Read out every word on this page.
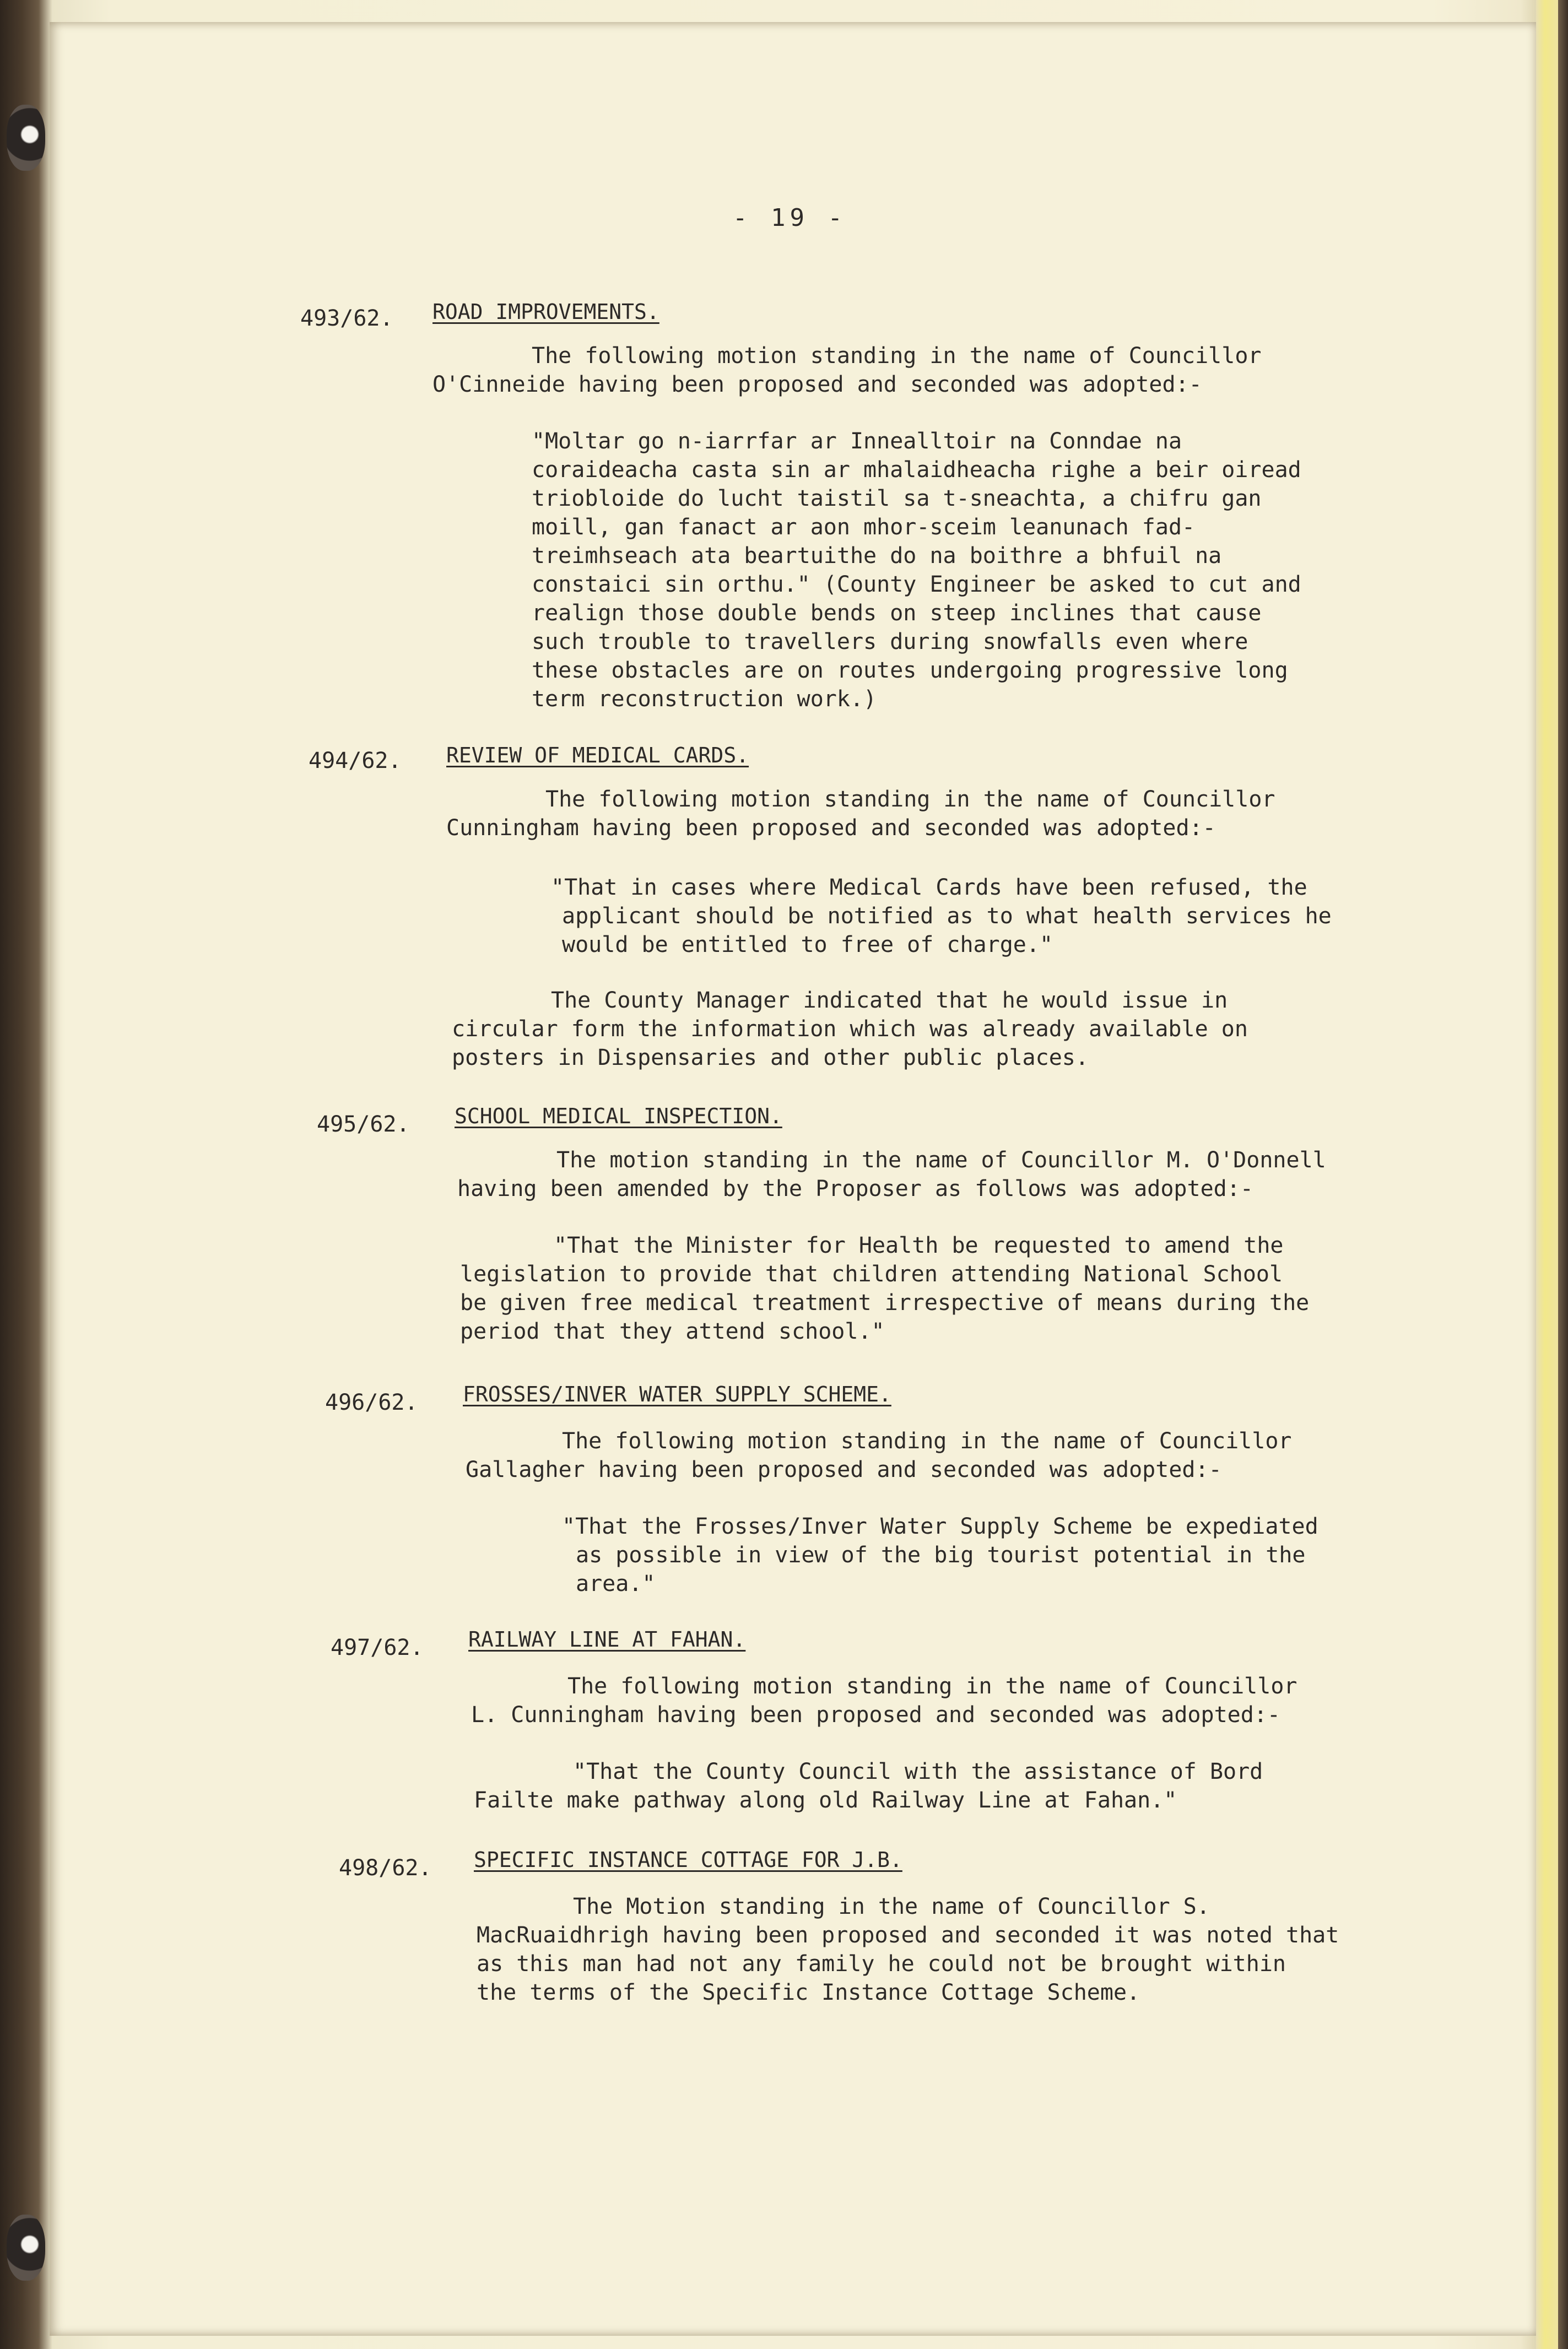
- 19 -
493/62. ROAD IMPROVEMENTS.
The following motion standing in the name of Councillor
O'Cinneide having been proposed and seconded was adopted:-
"Moltar go n-iarrfar ar Innealltoir na Conndae na
coraideacha casta sin ar mhalaidheacha righe a beir oiread
triobloide do lucht taistil sa t-sneachta, a chifru gan
moill, gan fanact ar aon mhor-sceim leanunach fad-
treimhseach ata beartuithe do na boithre a bhfuil na
constaici sin orthu." (County Engineer be asked to cut and
realign those double bends on steep inclines that cause
such trouble to travellers during snowfalls even where
these obstacles are on routes undergoing progressive long
term reconstruction work.)
494/62. REVIEW OF MEDICAL CARDS.
The following motion standing in the name of Councillor
Cunningham having been proposed and seconded was adopted:-
"That in cases where Medical Cards have been refused, the
applicant should be notified as to what health services he
would be entitled to free of charge."
The County Manager indicated that he would issue in
circular form the information which was already available on
posters in Dispensaries and other public places.
495/62. SCHOOL MEDICAL INSPECTION.
The motion standing in the name of Councillor M. O'Donnell
having been amended by the Proposer as follows was adopted:-
"That the Minister for Health be requested to amend the
legislation to provide that children attending National School
be given free medical treatment irrespective of means during the
period that they attend school."
496/62. FROSSES/INVER WATER SUPPLY SCHEME.
The following motion standing in the name of Councillor
Gallagher having been proposed and seconded was adopted:-
"That the Frosses/Inver Water Supply Scheme be expediated
as possible in view of the big tourist potential in the
area."
497/62. RAILWAY LINE AT FAHAN.
The following motion standing in the name of Councillor
L. Cunningham having been proposed and seconded was adopted:-
"That the County Council with the assistance of Bord
Failte make pathway along old Railway Line at Fahan."
498/62. SPECIFIC INSTANCE COTTAGE FOR J.B.
The Motion standing in the name of Councillor S.
MacRuaidhrigh having been proposed and seconded it was noted that
as this man had not any family he could not be brought within
the terms of the Specific Instance Cottage Scheme.
